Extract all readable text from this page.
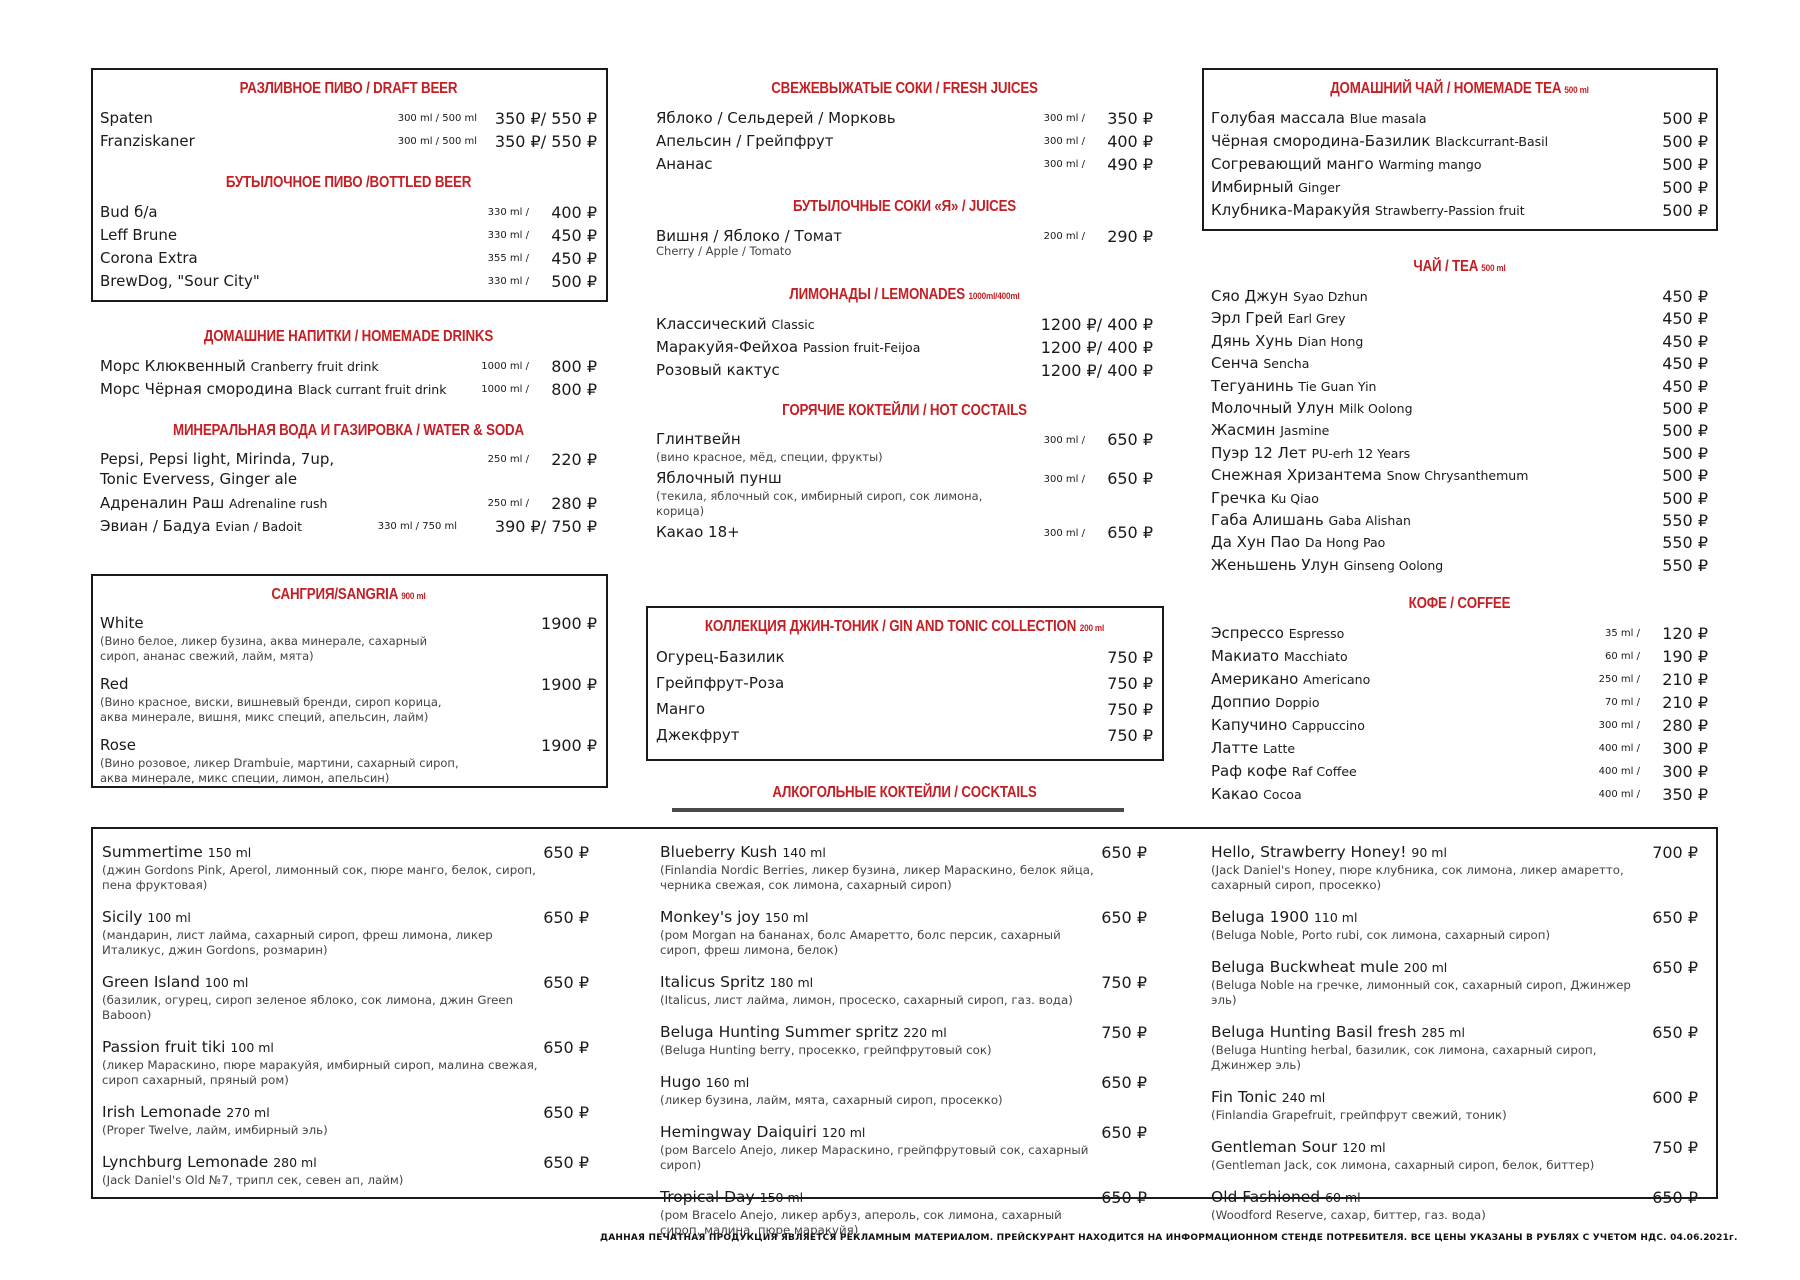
РАЗЛИВНОЕ ПИВО / DRAFT BEER
Spaten	300 ml / 500 ml 350 ₽/ 550 ₽
Franziskaner	300 ml / 500 ml 350 ₽/ 550 ₽
БУТЫЛОЧНОЕ ПИВО /BOTTLED BEER
Bud б/а	330 ml / 400 ₽
Leff Brune	330 ml / 450 ₽
Corona Extra	355 ml / 450 ₽
BrewDog, "Sour City"	330 ml / 500 ₽
ДОМАШНИЕ НАПИТКИ / HOMEMADE DRINKS
Морс Клюквенный Cranberry fruit drink	1000 ml / 800 ₽
Морс Чёрная смородина Black currant fruit drink	1000 ml / 800 ₽
МИНЕРАЛЬНАЯ ВОДА И ГАЗИРОВКА / WATER & SODA
Pepsi, Pepsi light, Mirinda, 7up,	250 ml / 220 ₽
Tonic Evervess, Ginger ale
Адреналин Раш Adrenaline rush	250 ml / 280 ₽
Эвиан / Бадуа Evian / Badoit	330 ml / 750 ml 390 ₽/ 750 ₽
САНГРИЯ/SANGRIA 900 ml
White	1900 ₽
(Вино белое, ликер бузина, аква минерале, сахарный сироп, ананас свежий, лайм, мята)
Red	1900 ₽
(Вино красное, виски, вишневый бренди, сироп корица, аква минерале, вишня, микс специй, апельсин, лайм)
Rose	1900 ₽
(Вино розовое, ликер Drambuie, мартини, сахарный сироп, аква минерале, микс специи, лимон, апельсин)
СВЕЖЕВЫЖАТЫЕ СОКИ / FRESH JUICES
Яблоко / Сельдерей / Морковь	300 ml / 350 ₽
Апельсин / Грейпфрут	300 ml / 400 ₽
Ананас	300 ml / 490 ₽
БУТЫЛОЧНЫЕ СОКИ «Я» / JUICES
Вишня / Яблоко / Томат	200 ml / 290 ₽
Cherry / Apple / Tomato
ЛИМОНАДЫ / LEMONADES 1000ml/400ml
Классический Classic	1200 ₽/ 400 ₽
Маракуйя-Фейхоа Passion fruit-Feijoa	1200 ₽/ 400 ₽
Розовый кактус	1200 ₽/ 400 ₽
ГОРЯЧИЕ КОКТЕЙЛИ / HOT COCTAILS
Глинтвейн	300 ml / 650 ₽
(вино красное, мёд, специи, фрукты)
Яблочный пунш	300 ml / 650 ₽
(текила, яблочный сок, имбирный сироп, сок лимона, корица)
Какао 18+	300 ml / 650 ₽
КОЛЛЕКЦИЯ ДЖИН-ТОНИК / GIN AND TONIC COLLECTION 200 ml
Огурец-Базилик	750 ₽
Грейпфрут-Роза	750 ₽
Манго	750 ₽
Джекфрут	750 ₽
ДОМАШНИЙ ЧАЙ / HOMEMADE TEA 500 ml
Голубая массала Blue masala	500 ₽
Чёрная смородина-Базилик Blackcurrant-Basil	500 ₽
Согревающий манго Warming mango	500 ₽
Имбирный Ginger	500 ₽
Клубника-Маракуйя Strawberry-Passion fruit	500 ₽
ЧАЙ / TEA 500 ml
Сяо Джун Syao Dzhun	450 ₽
Эрл Грей Earl Grey	450 ₽
Дянь Хунь Dian Hong	450 ₽
Сенча Sencha	450 ₽
Тегуанинь Tie Guan Yin	450 ₽
Молочный Улун Milk Oolong	500 ₽
Жасмин Jasmine	500 ₽
Пуэр 12 Лет PU-erh 12 Years	500 ₽
Снежная Хризантема Snow Chrysanthemum	500 ₽
Гречка Ku Qiao	500 ₽
Габа Алишань Gaba Alishan	550 ₽
Да Хун Пао Da Hong Pao	550 ₽
Женьшень Улун Ginseng Oolong	550 ₽
КОФЕ / COFFEE
Эспрессо Espresso	35 ml / 120 ₽
Макиато Macchiato	60 ml / 190 ₽
Американо Americano	250 ml / 210 ₽
Доппио Doppio	70 ml / 210 ₽
Капучино Cappuccino	300 ml / 280 ₽
Латте Latte	400 ml / 300 ₽
Раф кофе Raf Coffee	400 ml / 300 ₽
Какао Cocoa	400 ml / 350 ₽
АЛКОГОЛЬНЫЕ КОКТЕЙЛИ / COCKTAILS
Summertime 150 ml	650 ₽
(джин Gordons Pink, Aperol, лимонный сок, пюре манго, белок, сироп, пена фруктовая)
Sicily 100 ml	650 ₽
(мандарин, лист лайма, сахарный сироп, фреш лимона, ликер Италикус, джин Gordons, розмарин)
Green Island 100 ml	650 ₽
(базилик, огурец, сироп зеленое яблоко, сок лимона, джин Green Baboon)
Passion fruit tiki 100 ml	650 ₽
(ликер Мараскино, пюре маракуйя, имбирный сироп, малина свежая, сироп сахарный, пряный ром)
Irish Lemonade 270 ml	650 ₽
(Proper Twelve, лайм, имбирный эль)
Lynchburg Lemonade 280 ml	650 ₽
(Jack Daniel's Old №7, трипл сек, севен ап, лайм)
Blueberry Kush 140 ml	650 ₽
(Finlandia Nordic Berries, ликер бузина, ликер Мараскино, белок яйца, черника свежая, сок лимона, сахарный сироп)
Monkey's joy 150 ml	650 ₽
(ром Morgan на бананах, болс Амаретто, болс персик, сахарный сироп, фреш лимона, белок)
Italicus Spritz 180 ml	750 ₽
(Italicus, лист лайма, лимон, просеско, сахарный сироп, газ. вода)
Beluga Hunting Summer spritz 220 ml	750 ₽
(Beluga Hunting berry, просекко, грейпфрутовый сок)
Hugo 160 ml	650 ₽
(ликер бузина, лайм, мята, сахарный сироп, просекко)
Hemingway Daiquiri 120 ml	650 ₽
(ром Barcelo Anejo, ликер Мараскино, грейпфрутовый сок, сахарный сироп)
Tropical Day 150 ml	650 ₽
(ром Bracelo Anejo, ликер арбуз, апероль, сок лимона, сахарный сироп, малина, пюре маракуйя)
Hello, Strawberry Honey! 90 ml	700 ₽
(Jack Daniel's Honey, пюре клубника, сок лимона, ликер амаретто, сахарный сироп, просекко)
Beluga 1900 110 ml	650 ₽
(Beluga Noble, Porto rubi, сок лимона, сахарный сироп)
Beluga Buckwheat mule 200 ml	650 ₽
(Beluga Noble на гречке, лимонный сок, сахарный сироп, Джинжер эль)
Beluga Hunting Basil fresh 285 ml	650 ₽
(Beluga Hunting herbal, базилик, сок лимона, сахарный сироп, Джинжер эль)
Fin Tonic 240 ml	600 ₽
(Finlandia Grapefruit, грейпфрут свежий, тоник)
Gentleman Sour 120 ml	750 ₽
(Gentleman Jack, сок лимона, сахарный сироп, белок, биттер)
Old Fashioned 60 ml	650 ₽
(Woodford Reserve, сахар, биттер, газ. вода)
ДАННАЯ ПЕЧАТНАЯ ПРОДУКЦИЯ ЯВЛЯЕТСЯ РЕКЛАМНЫМ МАТЕРИАЛОМ. ПРЕЙСКУРАНТ НАХОДИТСЯ НА ИНФОРМАЦИОННОМ СТЕНДЕ ПОТРЕБИТЕЛЯ. ВСЕ ЦЕНЫ УКАЗАНЫ В РУБЛЯХ С УЧЕТОМ НДС. 04.06.2021г.
